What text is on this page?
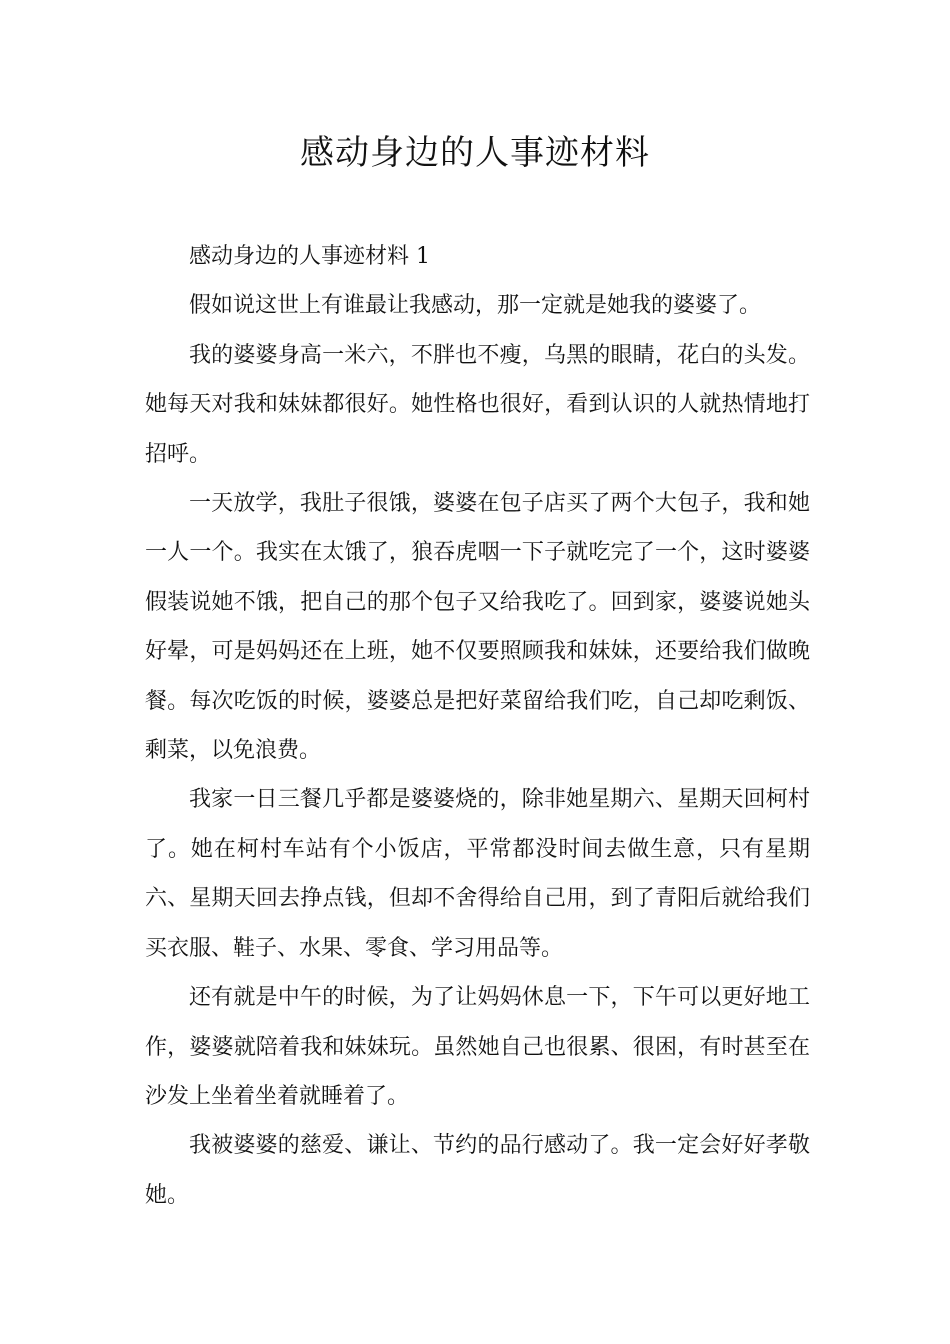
感动身边的人事迹材料

感动身边的人事迹材料 1

假如说这世上有谁最让我感动，那一定就是她我的婆婆了。

我的婆婆身高一米六，不胖也不瘦，乌黑的眼睛，花白的头发。她每天对我和妹妹都很好。她性格也很好，看到认识的人就热情地打招呼。

一天放学，我肚子很饿，婆婆在包子店买了两个大包子，我和她一人一个。我实在太饿了，狼吞虎咽一下子就吃完了一个，这时婆婆假装说她不饿，把自己的那个包子又给我吃了。回到家，婆婆说她头好晕，可是妈妈还在上班，她不仅要照顾我和妹妹，还要给我们做晚餐。每次吃饭的时候，婆婆总是把好菜留给我们吃，自己却吃剩饭、剩菜，以免浪费。

我家一日三餐几乎都是婆婆烧的，除非她星期六、星期天回柯村了。她在柯村车站有个小饭店，平常都没时间去做生意，只有星期六、星期天回去挣点钱，但却不舍得给自己用，到了青阳后就给我们买衣服、鞋子、水果、零食、学习用品等。

还有就是中午的时候，为了让妈妈休息一下，下午可以更好地工作，婆婆就陪着我和妹妹玩。虽然她自己也很累、很困，有时甚至在沙发上坐着坐着就睡着了。

我被婆婆的慈爱、谦让、节约的品行感动了。我一定会好好孝敬她。
